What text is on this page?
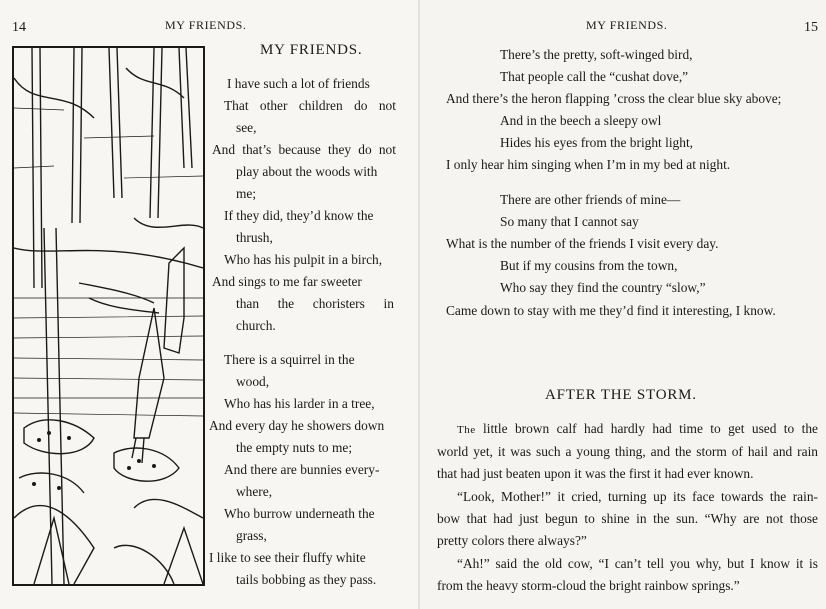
14	MY FRIENDS.
MY FRIENDS.
I have such a lot of friends
That other children do not
see,
And that’s because they do not
play about the woods with
me;
If they did, they’d know the
thrush,
Who has his pulpit in a birch,
And sings to me far sweeter
than the choristers in
church.
There is a squirrel in the
wood,
Who has his larder in a tree,
And every day he showers down
the empty nuts to me;
And there are bunnies every-
where,
Who burrow underneath the
grass,
I like to see their fluffy white
tails bobbing as they pass.
MY FRIENDS.	15
There’s the pretty, soft-winged bird,
That people call the “cushat dove,”
And there’s the heron flapping ’cross the clear blue sky above;
And in the beech a sleepy owl
Hides his eyes from the bright light,
I only hear him singing when I’m in my bed at night.
There are other friends of mine—
So many that I cannot say
What is the number of the friends I visit every day.
But if my cousins from the town,
Who say they find the country “slow,”
Came down to stay with me they’d find it interesting, I know.
AFTER THE STORM.
The little brown calf had hardly had time to get used to the
world yet, it was such a young thing, and the storm of hail and rain
that had just beaten upon it was the first it had ever known.
“Look, Mother!” it cried, turning up its face towards the rain-
bow that had just begun to shine in the sun. “Why are not those
pretty colors there always?”
“Ah!” said the old cow, “I can’t tell you why, but I know it is
from the heavy storm-cloud the bright rainbow springs.”
